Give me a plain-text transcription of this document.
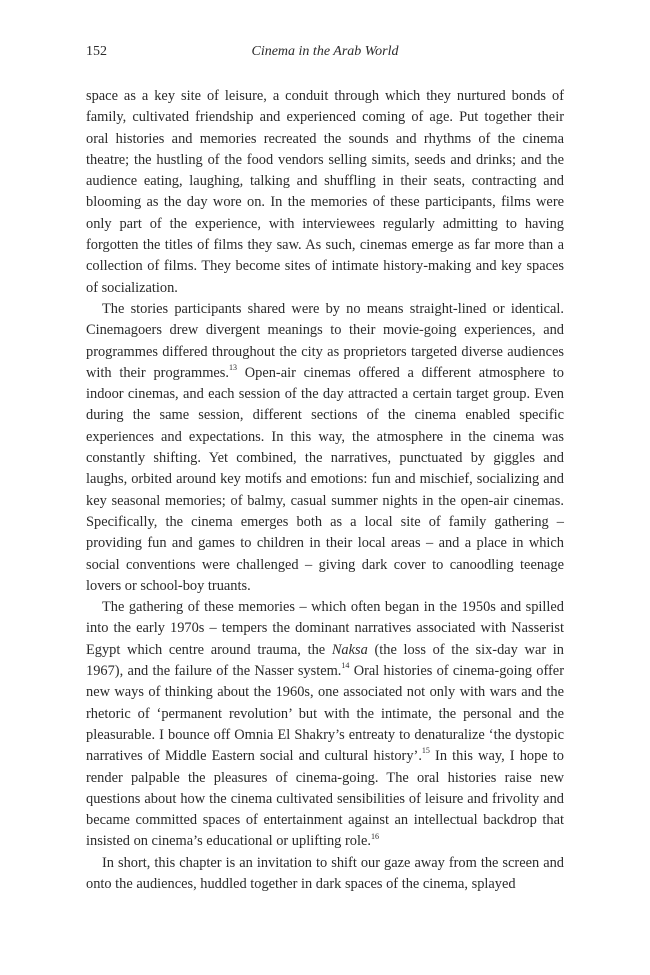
152	Cinema in the Arab World

space as a key site of leisure, a conduit through which they nurtured bonds of family, cultivated friendship and experienced coming of age. Put together their oral histories and memories recreated the sounds and rhythms of the cinema theatre; the hustling of the food vendors selling simits, seeds and drinks; and the audience eating, laughing, talking and shuffling in their seats, contracting and blooming as the day wore on. In the memories of these participants, films were only part of the experience, with interviewees regularly admitting to having forgotten the titles of films they saw. As such, cinemas emerge as far more than a collection of films. They become sites of intimate history-making and key spaces of socialization.

The stories participants shared were by no means straight-lined or identical. Cinemagoers drew divergent meanings to their movie-going experiences, and programmes differed throughout the city as proprietors targeted diverse audiences with their programmes.$^{13}$ Open-air cinemas offered a different atmosphere to indoor cinemas, and each session of the day attracted a certain target group. Even during the same session, different sections of the cinema enabled specific experiences and expectations. In this way, the atmosphere in the cinema was constantly shifting. Yet combined, the narratives, punctuated by giggles and laughs, orbited around key motifs and emotions: fun and mischief, socializing and key seasonal memories; of balmy, casual summer nights in the open-air cinemas. Specifically, the cinema emerges both as a local site of family gathering – providing fun and games to children in their local areas – and a place in which social conventions were challenged – giving dark cover to canoodling teenage lovers or school-boy truants.

The gathering of these memories – which often began in the 1950s and spilled into the early 1970s – tempers the dominant narratives associated with Nasserist Egypt which centre around trauma, the Naksa (the loss of the six-day war in 1967), and the failure of the Nasser system.$^{14}$ Oral histories of cinema-going offer new ways of thinking about the 1960s, one associated not only with wars and the rhetoric of ‘permanent revolution’ but with the intimate, the personal and the pleasurable. I bounce off Omnia El Shakry’s entreaty to denaturalize ‘the dystopic narratives of Middle Eastern social and cultural history’.$^{15}$ In this way, I hope to render palpable the pleasures of cinema-going. The oral histories raise new questions about how the cinema cultivated sensibilities of leisure and frivolity and became committed spaces of entertainment against an intellectual backdrop that insisted on cinema’s educational or uplifting role.$^{16}$

In short, this chapter is an invitation to shift our gaze away from the screen and onto the audiences, huddled together in dark spaces of the cinema, splayed
